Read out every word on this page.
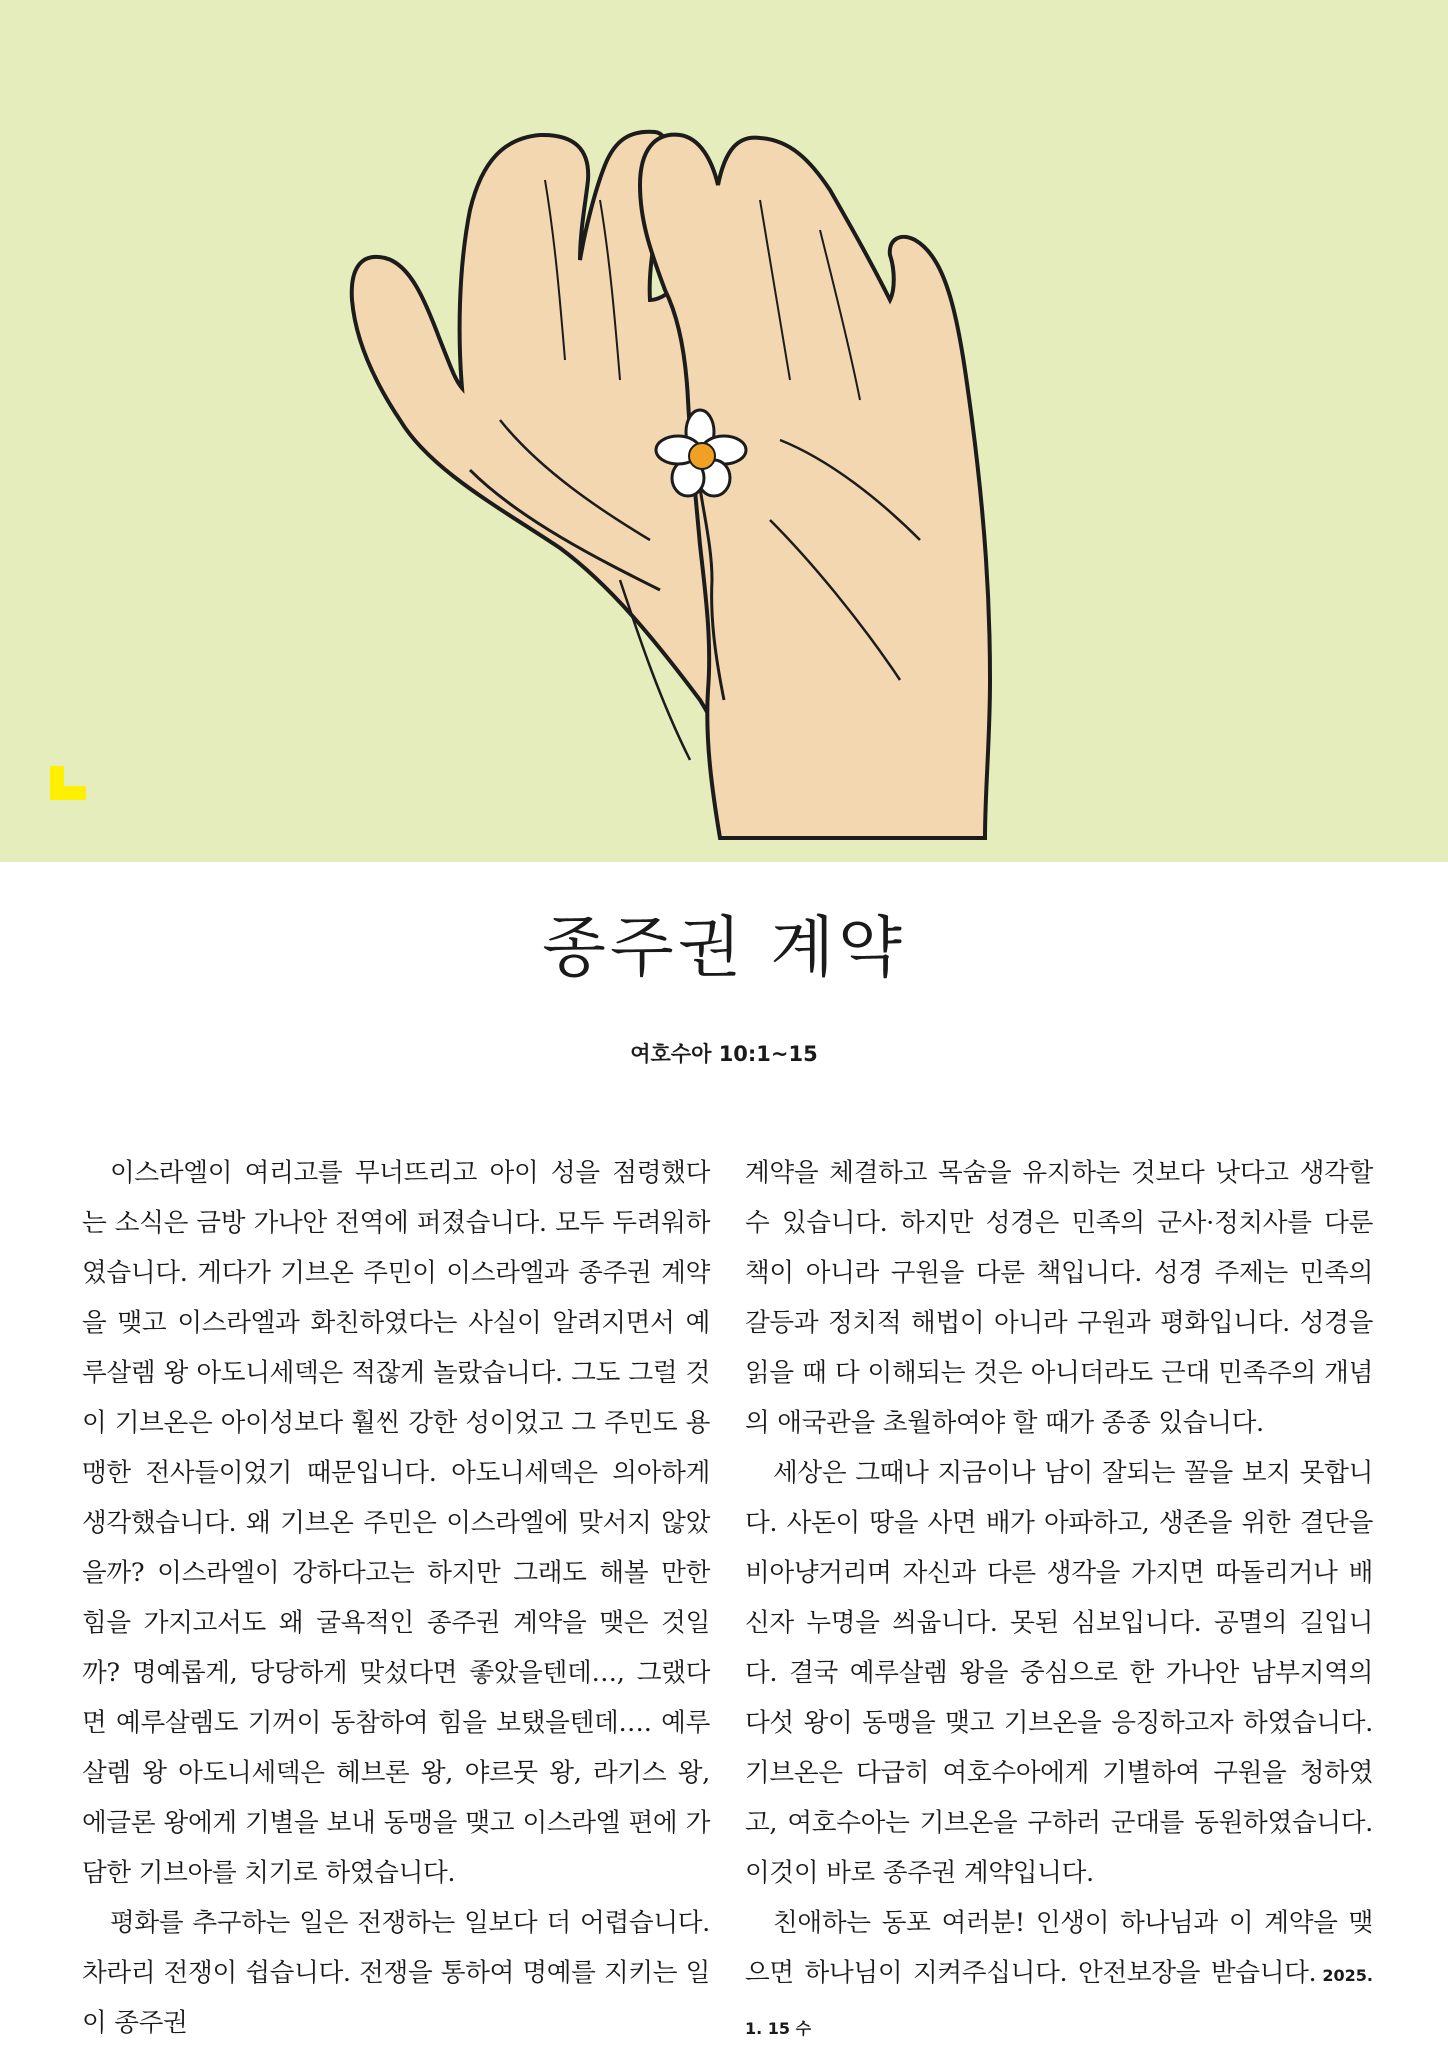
종주권 계약

여호수아 10:1~15

이스라엘이 여리고를 무너뜨리고 아이 성을 점령했다는 소식은 금방 가나안 전역에 퍼졌습니다. 모두 두려워하였습니다. 게다가 기브온 주민이 이스라엘과 종주권 계약을 맺고 이스라엘과 화친하였다는 사실이 알려지면서 예루살렘 왕 아도니세덱은 적잖게 놀랐습니다. 그도 그럴 것이 기브온은 아이성보다 훨씬 강한 성이었고 그 주민도 용맹한 전사들이었기 때문입니다. 아도니세덱은 의아하게 생각했습니다. 왜 기브온 주민은 이스라엘에 맞서지 않았을까? 이스라엘이 강하다고는 하지만 그래도 해볼 만한 힘을 가지고서도 왜 굴욕적인 종주권 계약을 맺은 것일까? 명예롭게, 당당하게 맞섰다면 좋았을텐데…, 그랬다면 예루살렘도 기꺼이 동참하여 힘을 보탰을텐데…. 예루살렘 왕 아도니세덱은 헤브론 왕, 야르뭇 왕, 라기스 왕, 에글론 왕에게 기별을 보내 동맹을 맺고 이스라엘 편에 가담한 기브아를 치기로 하였습니다.

평화를 추구하는 일은 전쟁하는 일보다 더 어렵습니다. 차라리 전쟁이 쉽습니다. 전쟁을 통하여 명예를 지키는 일이 종주권

계약을 체결하고 목숨을 유지하는 것보다 낫다고 생각할 수 있습니다. 하지만 성경은 민족의 군사·정치사를 다룬 책이 아니라 구원을 다룬 책입니다. 성경 주제는 민족의 갈등과 정치적 해법이 아니라 구원과 평화입니다. 성경을 읽을 때 다 이해되는 것은 아니더라도 근대 민족주의 개념의 애국관을 초월하여야 할 때가 종종 있습니다.

세상은 그때나 지금이나 남이 잘되는 꼴을 보지 못합니다. 사돈이 땅을 사면 배가 아파하고, 생존을 위한 결단을 비아냥거리며 자신과 다른 생각을 가지면 따돌리거나 배신자 누명을 씌웁니다. 못된 심보입니다. 공멸의 길입니다. 결국 예루살렘 왕을 중심으로 한 가나안 남부지역의 다섯 왕이 동맹을 맺고 기브온을 응징하고자 하였습니다. 기브온은 다급히 여호수아에게 기별하여 구원을 청하였고, 여호수아는 기브온을 구하러 군대를 동원하였습니다. 이것이 바로 종주권 계약입니다.

친애하는 동포 여러분! 인생이 하나님과 이 계약을 맺으면 하나님이 지켜주십니다. 안전보장을 받습니다. 2025. 1. 15 수
